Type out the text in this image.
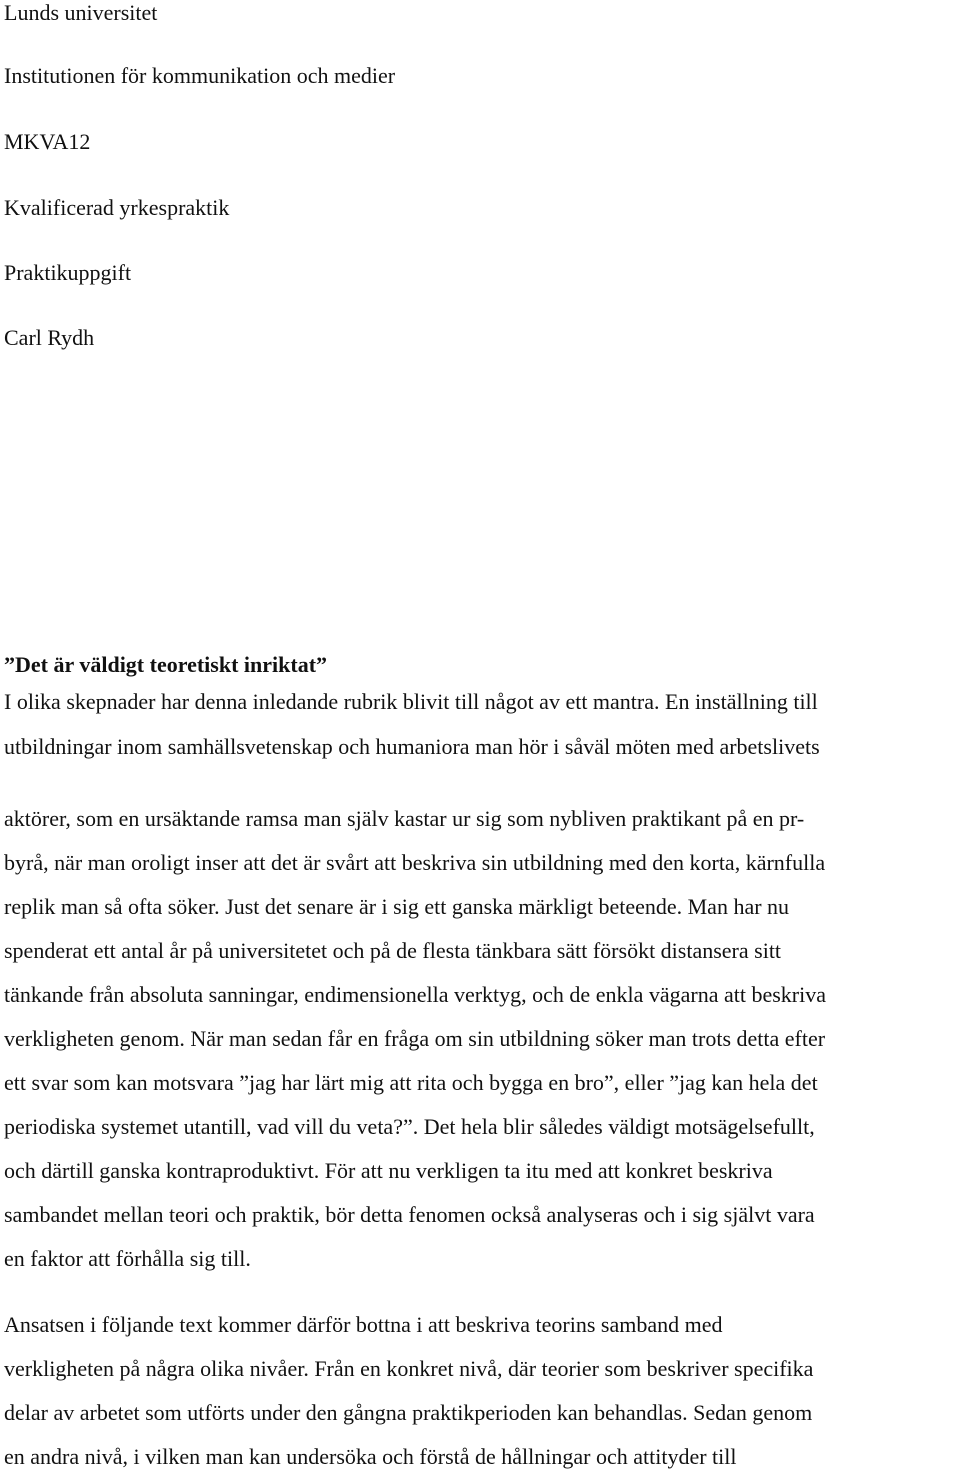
Lunds universitet

Institutionen för kommunikation och medier

MKVA12

Kvalificerad yrkespraktik

Praktikuppgift

Carl Rydh

”Det är väldigt teoretiskt inriktat”

I olika skepnader har denna inledande rubrik blivit till något av ett mantra. En inställning till

utbildningar inom samhällsvetenskap och humaniora man hör i såväl möten med arbetslivets

aktörer, som en ursäktande ramsa man själv kastar ur sig som nybliven praktikant på en pr-

byrå, när man oroligt inser att det är svårt att beskriva sin utbildning med den korta, kärnfulla

replik man så ofta söker. Just det senare är i sig ett ganska märkligt beteende. Man har nu

spenderat ett antal år på universitetet och på de flesta tänkbara sätt försökt distansera sitt

tänkande från absoluta sanningar, endimensionella verktyg, och de enkla vägarna att beskriva

verkligheten genom. När man sedan får en fråga om sin utbildning söker man trots detta efter

ett svar som kan motsvara ”jag har lärt mig att rita och bygga en bro”, eller ”jag kan hela det

periodiska systemet utantill, vad vill du veta?”. Det hela blir således väldigt motsägelsefullt,

och därtill ganska kontraproduktivt. För att nu verkligen ta itu med att konkret beskriva

sambandet mellan teori och praktik, bör detta fenomen också analyseras och i sig självt vara

en faktor att förhålla sig till.

Ansatsen i följande text kommer därför bottna i att beskriva teorins samband med

verkligheten på några olika nivåer. Från en konkret nivå, där teorier som beskriver specifika

delar av arbetet som utförts under den gångna praktikperioden kan behandlas. Sedan genom

en andra nivå, i vilken man kan undersöka och förstå de hållningar och attityder till
